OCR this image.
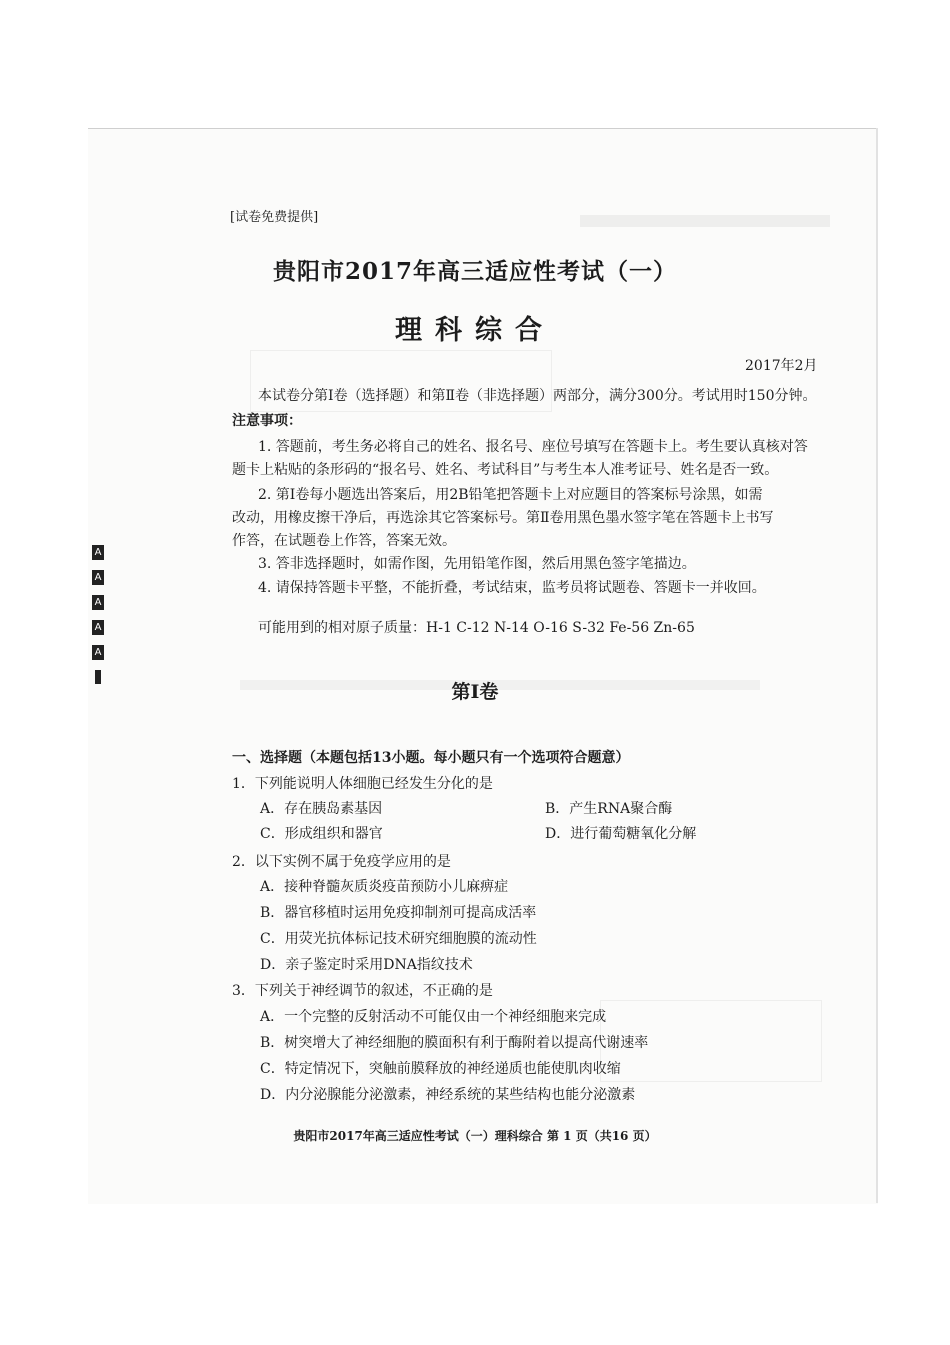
A
A
A
A
A
[试卷免费提供]
贵阳市2017年高三适应性考试（一）
理科综合
2017年2月
本试卷分第Ⅰ卷（选择题）和第Ⅱ卷（非选择题）两部分，满分300分。考试用时150分钟。
注意事项：
1. 答题前，考生务必将自己的姓名、报名号、座位号填写在答题卡上。考生要认真核对答
题卡上粘贴的条形码的“报名号、姓名、考试科目”与考生本人准考证号、姓名是否一致。
2. 第Ⅰ卷每小题选出答案后，用2B铅笔把答题卡上对应题目的答案标号涂黑，如需
改动，用橡皮擦干净后，再选涂其它答案标号。第Ⅱ卷用黑色墨水签字笔在答题卡上书写
作答，在试题卷上作答，答案无效。
3. 答非选择题时，如需作图，先用铅笔作图，然后用黑色签字笔描边。
4. 请保持答题卡平整，不能折叠，考试结束，监考员将试题卷、答题卡一并收回。
可能用到的相对原子质量：H-1 C-12 N-14 O-16 S-32 Fe-56 Zn-65
第Ⅰ卷
一、选择题（本题包括13小题。每小题只有一个选项符合题意）
1．下列能说明人体细胞已经发生分化的是
A．存在胰岛素基因	B．产生RNA聚合酶
C．形成组织和器官	D．进行葡萄糖氧化分解
2．以下实例不属于免疫学应用的是
A．接种脊髓灰质炎疫苗预防小儿麻痹症
B．器官移植时运用免疫抑制剂可提高成活率
C．用荧光抗体标记技术研究细胞膜的流动性
D．亲子鉴定时采用DNA指纹技术
3．下列关于神经调节的叙述，不正确的是
A．一个完整的反射活动不可能仅由一个神经细胞来完成
B．树突增大了神经细胞的膜面积有利于酶附着以提高代谢速率
C．特定情况下，突触前膜释放的神经递质也能使肌肉收缩
D．内分泌腺能分泌激素，神经系统的某些结构也能分泌激素
贵阳市2017年高三适应性考试（一）理科综合 第 1 页（共16 页）
